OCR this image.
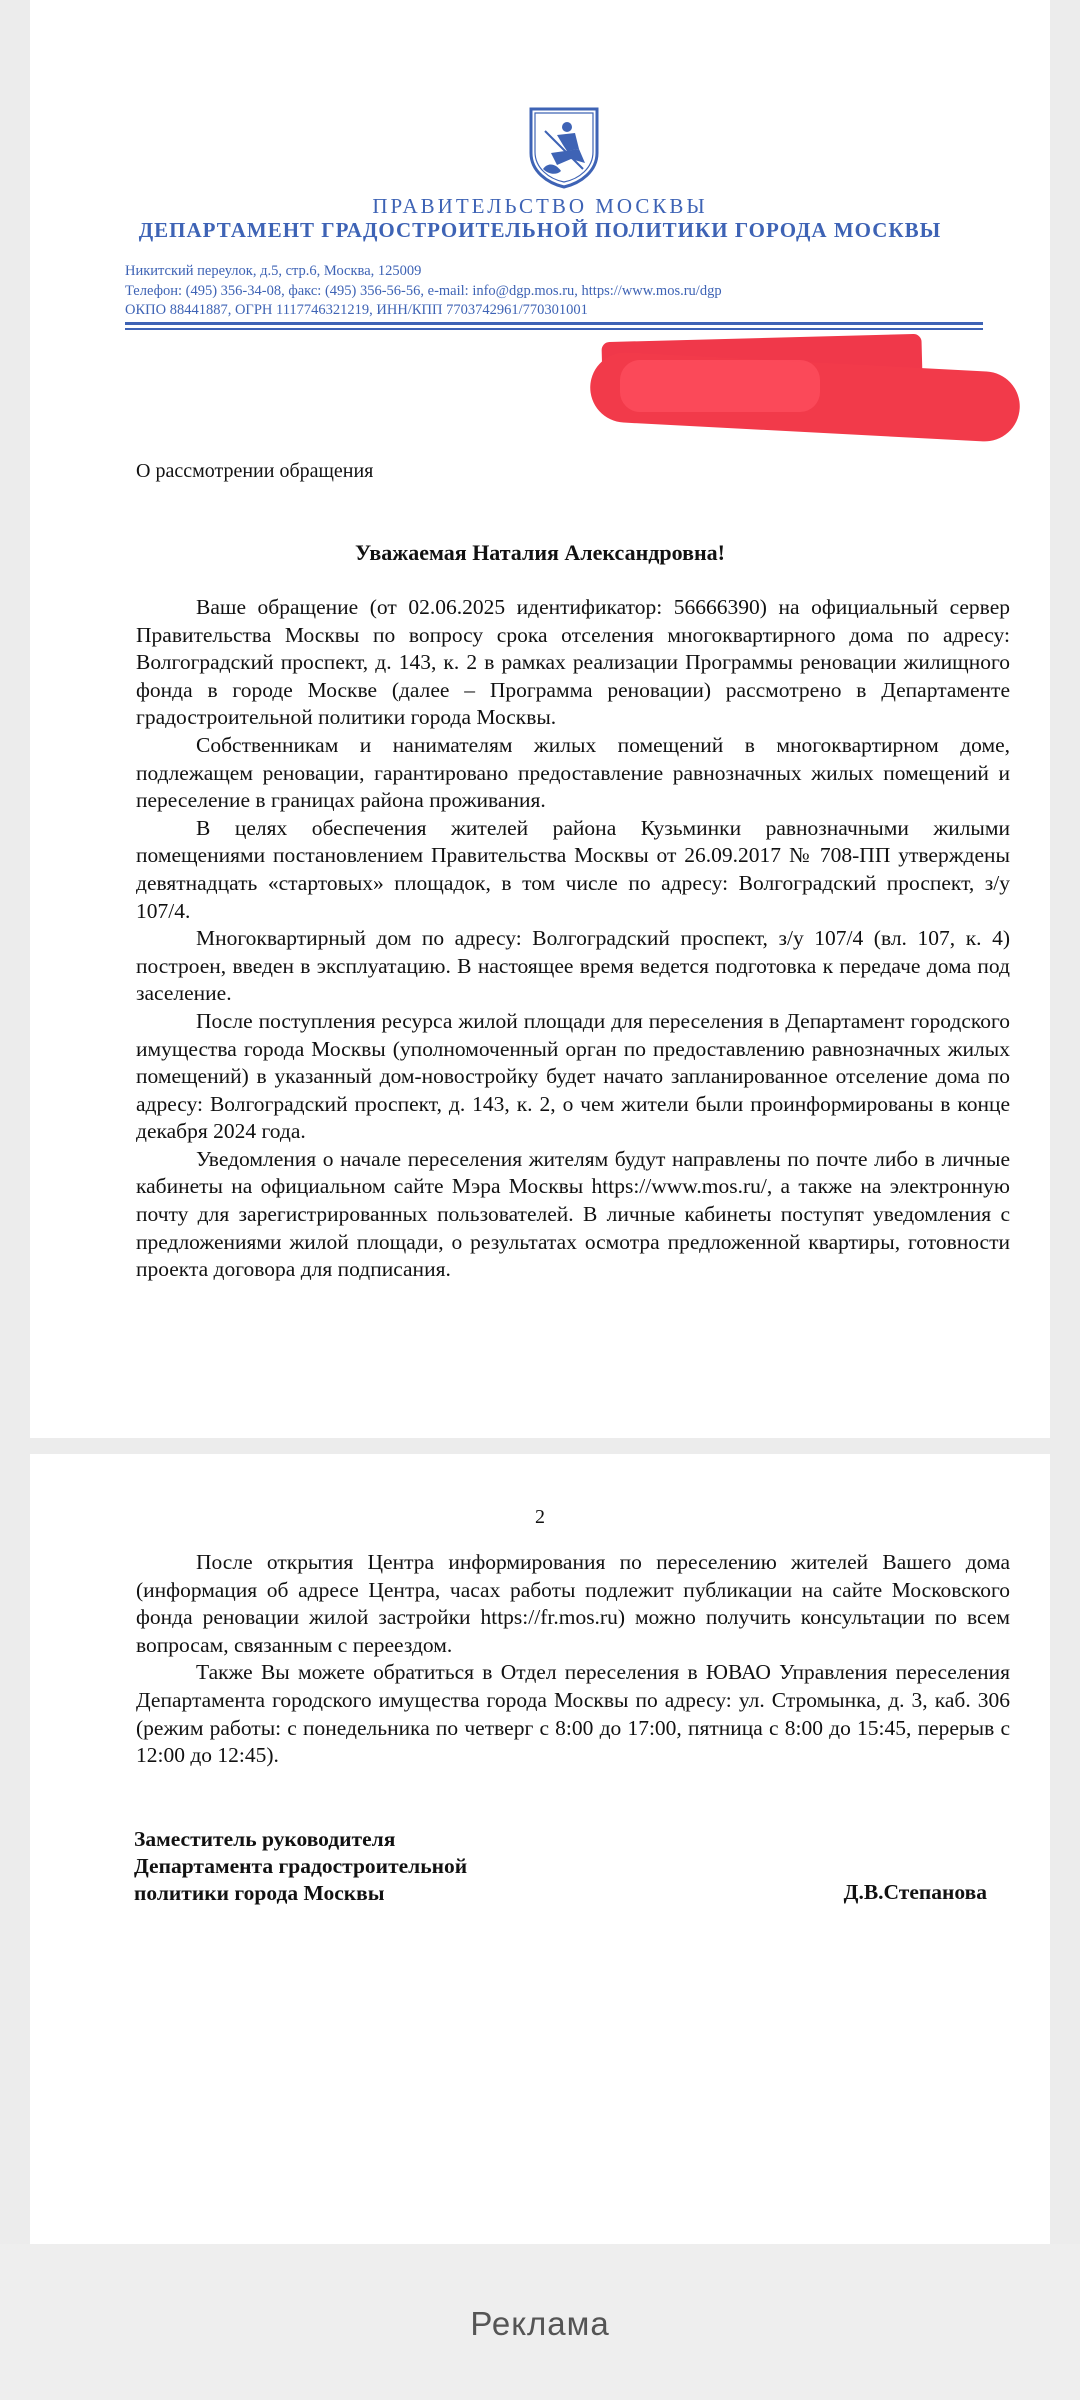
ПРАВИТЕЛЬСТВО МОСКВЫ
ДЕПАРТАМЕНТ ГРАДОСТРОИТЕЛЬНОЙ ПОЛИТИКИ ГОРОДА МОСКВЫ
Никитский переулок, д.5, стр.6, Москва, 125009
Телефон: (495) 356-34-08, факс: (495) 356-56-56, e-mail: info@dgp.mos.ru, https://www.mos.ru/dgp
ОКПО 88441887, ОГРН 1117746321219, ИНН/КПП 7703742961/770301001
О рассмотрении обращения
Уважаемая Наталия Александровна!

Ваше обращение (от 02.06.2025 идентификатор: 56666390) на официальный сервер Правительства Москвы по вопросу срока отселения многоквартирного дома по адресу: Волгоградский проспект, д. 143, к. 2 в рамках реализации Программы реновации жилищного фонда в городе Москве (далее – Программа реновации) рассмотрено в Департаменте градостроительной политики города Москвы.

Собственникам и нанимателям жилых помещений в многоквартирном доме, подлежащем реновации, гарантировано предоставление равнозначных жилых помещений и переселение в границах района проживания.

В целях обеспечения жителей района Кузьминки равнозначными жилыми помещениями постановлением Правительства Москвы от 26.09.2017 № 708-ПП утверждены девятнадцать «стартовых» площадок, в том числе по адресу: Волгоградский проспект, з/у 107/4.

Многоквартирный дом по адресу: Волгоградский проспект, з/у 107/4 (вл. 107, к. 4) построен, введен в эксплуатацию. В настоящее время ведется подготовка к передаче дома под заселение.

После поступления ресурса жилой площади для переселения в Департамент городского имущества города Москвы (уполномоченный орган по предоставлению равнозначных жилых помещений) в указанный дом-новостройку будет начато запланированное отселение дома по адресу: Волгоградский проспект, д. 143, к. 2, о чем жители были проинформированы в конце декабря 2024 года.

Уведомления о начале переселения жителям будут направлены по почте либо в личные кабинеты на официальном сайте Мэра Москвы https://www.mos.ru/, а также на электронную почту для зарегистрированных пользователей. В личные кабинеты поступят уведомления с предложениями жилой площади, о результатах осмотра предложенной квартиры, готовности проекта договора для подписания.

2

После открытия Центра информирования по переселению жителей Вашего дома (информация об адресе Центра, часах работы подлежит публикации на сайте Московского фонда реновации жилой застройки https://fr.mos.ru) можно получить консультации по всем вопросам, связанным с переездом.

Также Вы можете обратиться в Отдел переселения в ЮВАО Управления переселения Департамента городского имущества города Москвы по адресу: ул. Стромынка, д. 3, каб. 306 (режим работы: с понедельника по четверг с 8:00 до 17:00, пятница с 8:00 до 15:45, перерыв с 12:00 до 12:45).

Заместитель руководителя
Департамента градостроительной
политики города Москвы	Д.В.Степанова
Реклама
